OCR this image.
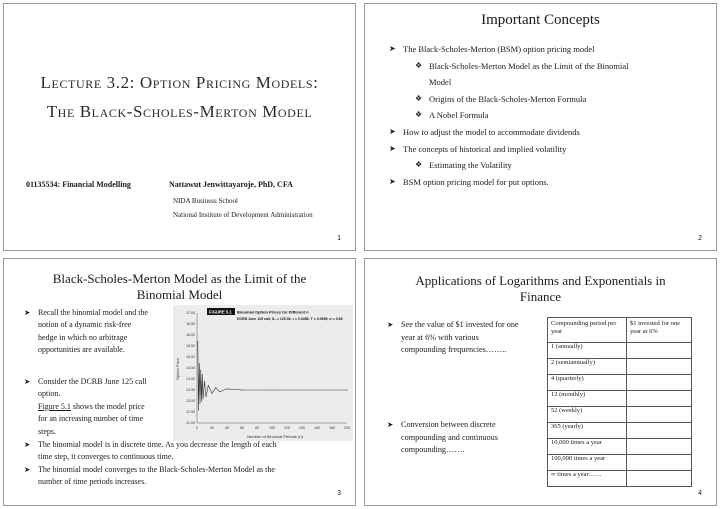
Lecture 3.2: Option Pricing Models:
The Black-Scholes-Merton Model
01135534: Financial Modelling	Nattawut Jenwittayaroje, PhD, CFA
NIDA Business School
National Institute of Development Administration
1
Important Concepts
➤ The Black-Scholes-Merton (BSM) option pricing model
❖ Black-Scholes-Merton Model as the Limit of the Binomial
Model
❖ Origins of the Black-Scholes-Merton Formula
❖ A Nobel Formula
➤ How to adjust the model to accommodate dividends
➤ The concepts of historical and implied volatility
❖ Estimating the Volatility
➤ BSM option pricing model for put options.
2
Black-Scholes-Merton Model as the Limit of the
Binomial Model
➤ Recall the binomial model and the
notion of a dynamic risk-free
hedge in which no arbitrage
opportunities are available.
➤ Consider the DCRB June 125 call
option.
Figure 5.1 shows the model price
for an increasing number of time
steps.
FIGURE 5.1 Binomial Option Prices for Different n
DCRB June 125 call; S₀ = 125.94, r = 0.0456, T = 0.0959, σ = 0.83
Option Price
Number of Binomial Periods (n)
17.00
16.50
16.00
15.50
15.00
14.50
14.00
13.50
13.00
12.50
12.00
0	20	40	60	80	100	120	140	160	180	200
➤ The binomial model is in discrete time. As you decrease the length of each
time step, it converges to continuous time.
➤ The binomial model converges to the Black-Scholes-Merton Model as the
number of time periods increases.
3
Applications of Logarithms and Exponentials in
Finance
➤ See the value of $1 invested for one
year at 6% with various
compounding frequencies……..
➤ Conversion between discrete
compounding and continuous
compounding…….
Compounding period per year	$1 invested for one year at 6%
1 (annually)	
2 (semiannually)	
4 (quarterly)	
12 (monthly)	
52 (weekly)	
365 (yearly)	
10,000 times a year	
100,000 times a year	
∞ times a year……	
4
